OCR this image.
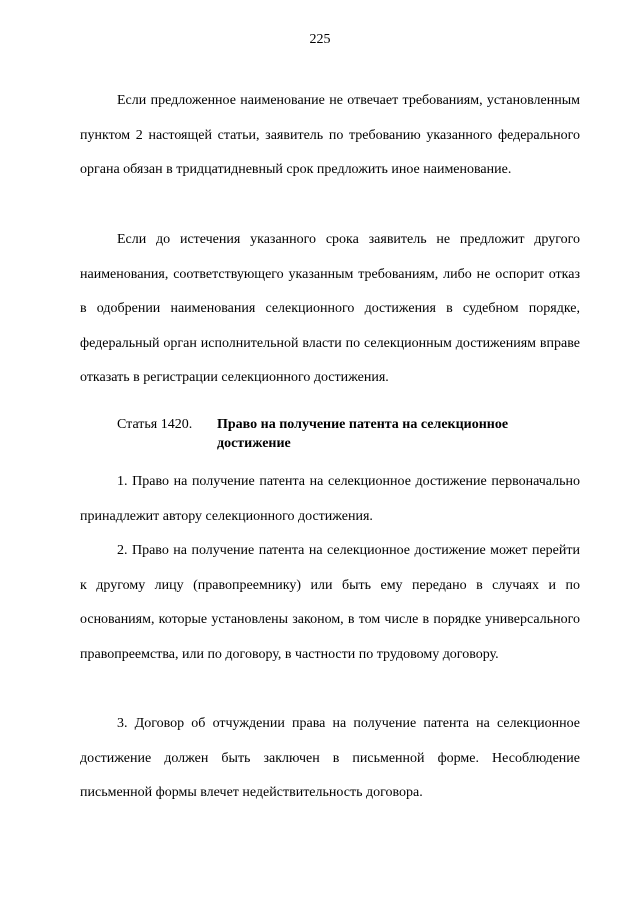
225

Если предложенное наименование не отвечает требованиям, установленным пунктом 2 настоящей статьи, заявитель по требованию указанного федерального органа обязан в тридцатидневный срок предложить иное наименование.

Если до истечения указанного срока заявитель не предложит другого наименования, соответствующего указанным требованиям, либо не оспорит отказ в одобрении наименования селекционного достижения в судебном порядке, федеральный орган исполнительной власти по селекционным достижениям вправе отказать в регистрации селекционного достижения.

Статья 1420.	Право на получение патента на селекционное достижение

1. Право на получение патента на селекционное достижение первоначально принадлежит автору селекционного достижения.

2. Право на получение патента на селекционное достижение может перейти к другому лицу (правопреемнику) или быть ему передано в случаях и по основаниям, которые установлены законом, в том числе в порядке универсального правопреемства, или по договору, в частности по трудовому договору.

3. Договор об отчуждении права на получение патента на селекционное достижение должен быть заключен в письменной форме. Несоблюдение письменной формы влечет недействительность договора.
